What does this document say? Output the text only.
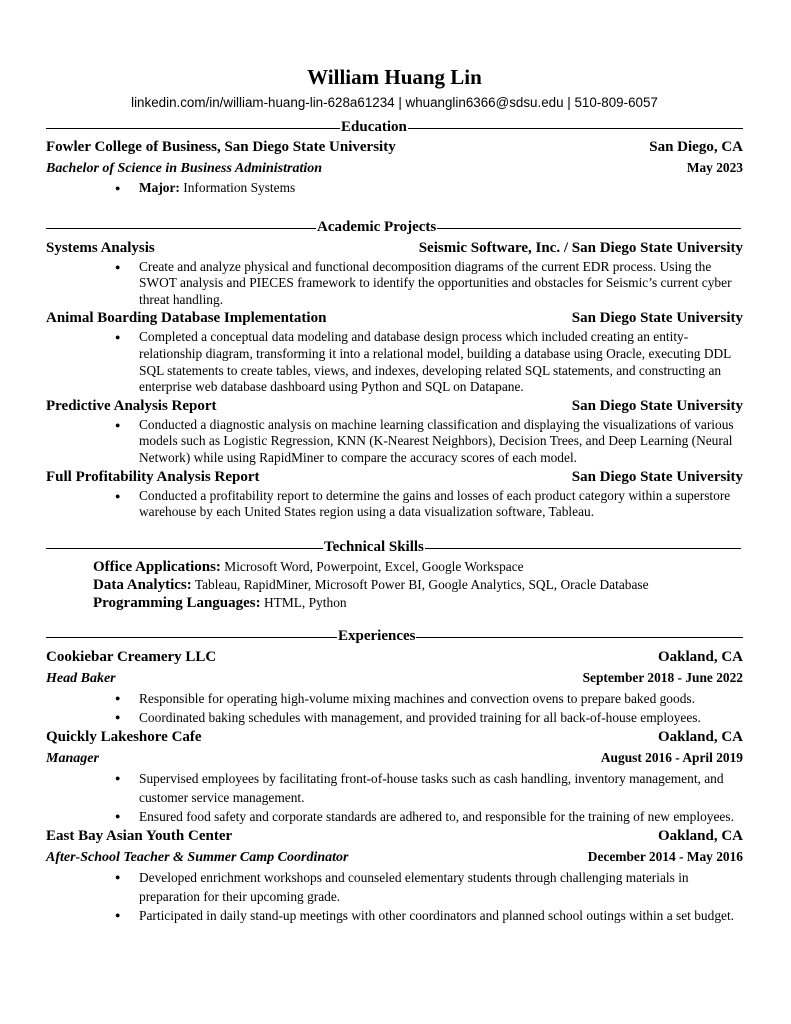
William Huang Lin
linkedin.com/in/william-huang-lin-628a61234 | whuanglin6366@sdsu.edu | 510-809-6057
Education
Fowler College of Business, San Diego State University	San Diego, CA
Bachelor of Science in Business Administration	May 2023
● Major: Information Systems
Academic Projects
Systems Analysis	Seismic Software, Inc. / San Diego State University
● Create and analyze physical and functional decomposition diagrams of the current EDR process. Using the SWOT analysis and PIECES framework to identify the opportunities and obstacles for Seismic’s current cyber threat handling.
Animal Boarding Database Implementation	San Diego State University
● Completed a conceptual data modeling and database design process which included creating an entity-relationship diagram, transforming it into a relational model, building a database using Oracle, executing DDL SQL statements to create tables, views, and indexes, developing related SQL statements, and constructing an enterprise web database dashboard using Python and SQL on Datapane.
Predictive Analysis Report	San Diego State University
● Conducted a diagnostic analysis on machine learning classification and displaying the visualizations of various models such as Logistic Regression, KNN (K-Nearest Neighbors), Decision Trees, and Deep Learning (Neural Network) while using RapidMiner to compare the accuracy scores of each model.
Full Profitability Analysis Report	San Diego State University
● Conducted a profitability report to determine the gains and losses of each product category within a superstore warehouse by each United States region using a data visualization software, Tableau.
Technical Skills
Office Applications: Microsoft Word, Powerpoint, Excel, Google Workspace
Data Analytics: Tableau, RapidMiner, Microsoft Power BI, Google Analytics, SQL, Oracle Database
Programming Languages: HTML, Python
Experiences
Cookiebar Creamery LLC	Oakland, CA
Head Baker	September 2018 - June 2022
● Responsible for operating high-volume mixing machines and convection ovens to prepare baked goods.
● Coordinated baking schedules with management, and provided training for all back-of-house employees.
Quickly Lakeshore Cafe	Oakland, CA
Manager	August 2016 - April 2019
● Supervised employees by facilitating front-of-house tasks such as cash handling, inventory management, and customer service management.
● Ensured food safety and corporate standards are adhered to, and responsible for the training of new employees.
East Bay Asian Youth Center	Oakland, CA
After-School Teacher & Summer Camp Coordinator	December 2014 - May 2016
● Developed enrichment workshops and counseled elementary students through challenging materials in preparation for their upcoming grade.
● Participated in daily stand-up meetings with other coordinators and planned school outings within a set budget.
